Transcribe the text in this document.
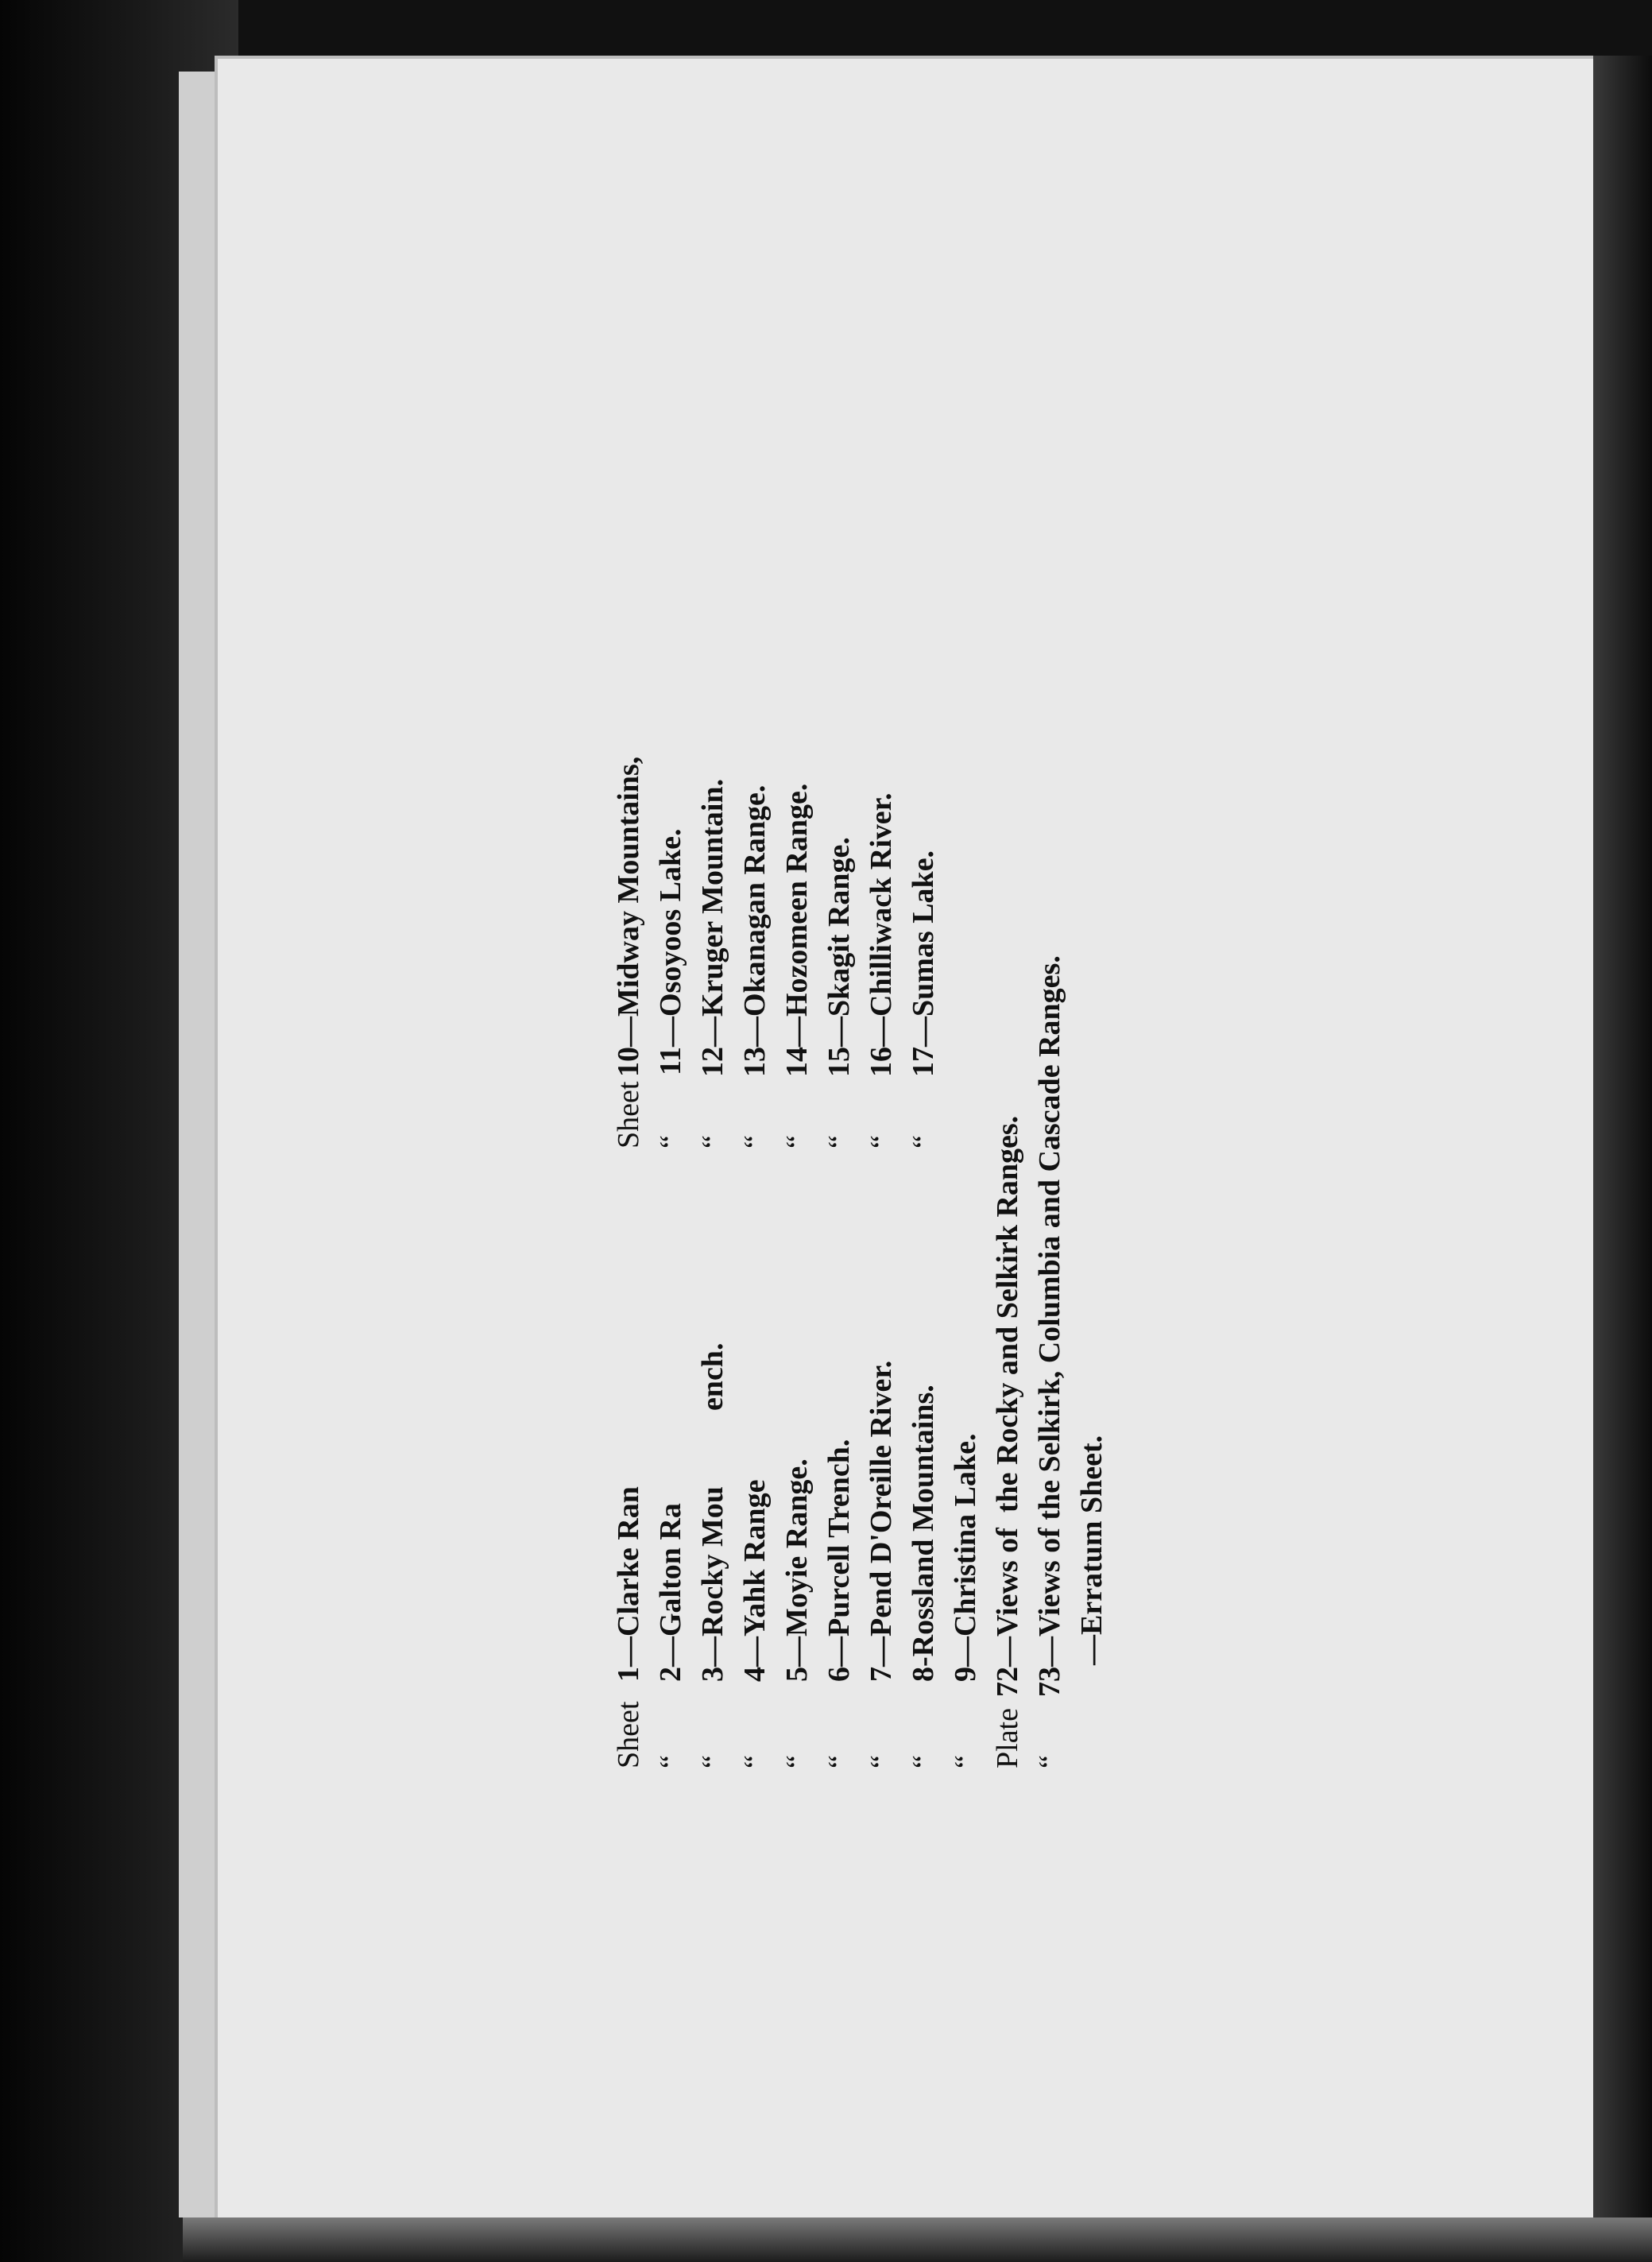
Sheet1—Clarke Ran
“2—Galton Ra
“3—Rocky Mou          ench.
“4—Yahk Range
“5—Moyie Range.
“6—Purcell Trench.
“7—Pend D'Oreille River.
“8-Rossland Mountains.
“9—Christina Lake.
Sheet10—Midway Mountains,
“11—Osoyoos Lake.
“12—Kruger Mountain.
“13—Okanagan Range.
“14—Hozomeen Range.
“15—Skagit Range.
“16—Chilliwack River.
“17—Sumas Lake.
Plate72—Views of  the Rocky and Selkirk Ranges.
“73—Views of the Selkirk, Columbia and Cascade Ranges. —Erratum Sheet.
